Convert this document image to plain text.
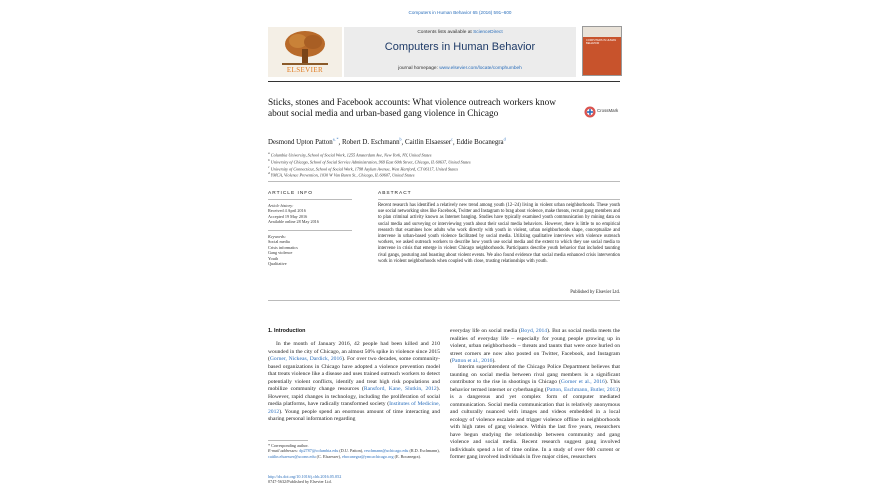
Computers in Human Behavior 65 (2016) 591–600
ELSEVIER
Contents lists available at ScienceDirect
Computers in Human Behavior
journal homepage: www.elsevier.com/locate/comphumbeh
COMPUTERS IN HUMAN BEHAVIOR
Sticks, stones and Facebook accounts: What violence outreach workers know about social media and urban-based gang violence in Chicago	CrossMark
Desmond Upton Patton$^{a, *}$, Robert D. Eschmann$^b$, Caitlin Elsaesser$^c$, Eddie Bocanegra$^d$
$^a$ Columbia University, School of Social Work, 1255 Amsterdam Ave, New York, NY, United States
$^b$ University of Chicago, School of Social Service Administration, 969 East 60th Street, Chicago, IL 60637, United States
$^c$ University of Connecticut, School of Social Work, 1798 Asylum Avenue, West Hartford, CT 06117, United States
$^d$ YMCA, Violence Prevention, 1030 W Van Buren St., Chicago, IL 60607, United States
ARTICLE INFO
Article history:
Received 4 April 2016
Accepted 19 May 2016
Available online 28 May 2016
Keywords:
Social media
Crisis informatics
Gang violence
Youth
Qualitative
ABSTRACT
Recent research has identified a relatively new trend among youth (12–24) living in violent urban neighborhoods. These youth use social networking sites like Facebook, Twitter and Instagram to brag about violence, make threats, recruit gang members and to plan criminal activity known as Internet banging. Studies have typically examined youth communication by mining data on social media and surveying or interviewing youth about their social media behaviors. However, there is little to no empirical research that examines how adults who work directly with youth in violent, urban neighborhoods shape, conceptualize and intervene in urban-based youth violence facilitated by social media. Utilizing qualitative interviews with violence outreach workers, we asked outreach workers to describe how youth use social media and the extent to which they use social media to intervene in crisis that emerge in violent Chicago neighborhoods. Participants describe youth behavior that included taunting rival gangs, posturing and boasting about violent events. We also found evidence that social media enhanced crisis intervention work in violent neighborhoods when coupled with close, trusting relationships with youth.
Published by Elsevier Ltd.
1. Introduction
In the month of January 2016, 42 people had been killed and 210 wounded in the city of Chicago, an almost 50% spike in violence since 2015 (Gorner, Nickeas, Dardick, 2016). For over two decades, some community-based organizations in Chicago have adopted a violence prevention model that treats violence like a disease and uses trained outreach workers to detect potentially violent conflicts, identify and treat high risk populations and mobilize community change resources (Ransford, Kane, Slutkin, 2012). However, rapid changes in technology, including the proliferation of social media platforms, have radically transformed society (Institutes of Medicine, 2012). Young people spend an enormous amount of time interacting and sharing personal information regarding
everyday life on social media (Boyd, 2014). But as social media meets the realities of everyday life – especially for young people growing up in violent, urban neighborhoods – threats and taunts that were once hurled on street corners are now also posted on Twitter, Facebook, and Instagram (Patton et al., 2016).
Interim superintendent of the Chicago Police Department believes that taunting on social media between rival gang members is a significant contributor to the rise in shootings in Chicago (Gorner et al., 2016). This behavior termed internet or cyberbanging (Patton, Eschmann, Butler, 2013) is a dangerous and yet complex form of computer mediated communication. Social media communication that is relatively anonymous and culturally nuanced with images and videos embedded in a local ecology of violence escalate and trigger violence offline in neighborhoods with high rates of gang violence. Within the last five years, researchers have begun studying the relationship between community and gang violence and social media. Recent research suggest gang involved individuals spend a lot of time online. In a study of over 600 current or former gang involved individuals in five major cities, researchers
* Corresponding author.
E-mail addresses: dp2787@columbia.edu (D.U. Patton), reschmann@uchicago.edu (R.D. Eschmann), caitlin.elsaesser@uconn.edu (C. Elsaesser), ebocanegra@ymcachicago.org (E. Bocanegra).
http://dx.doi.org/10.1016/j.chb.2016.05.052
0747-5632/Published by Elsevier Ltd.
